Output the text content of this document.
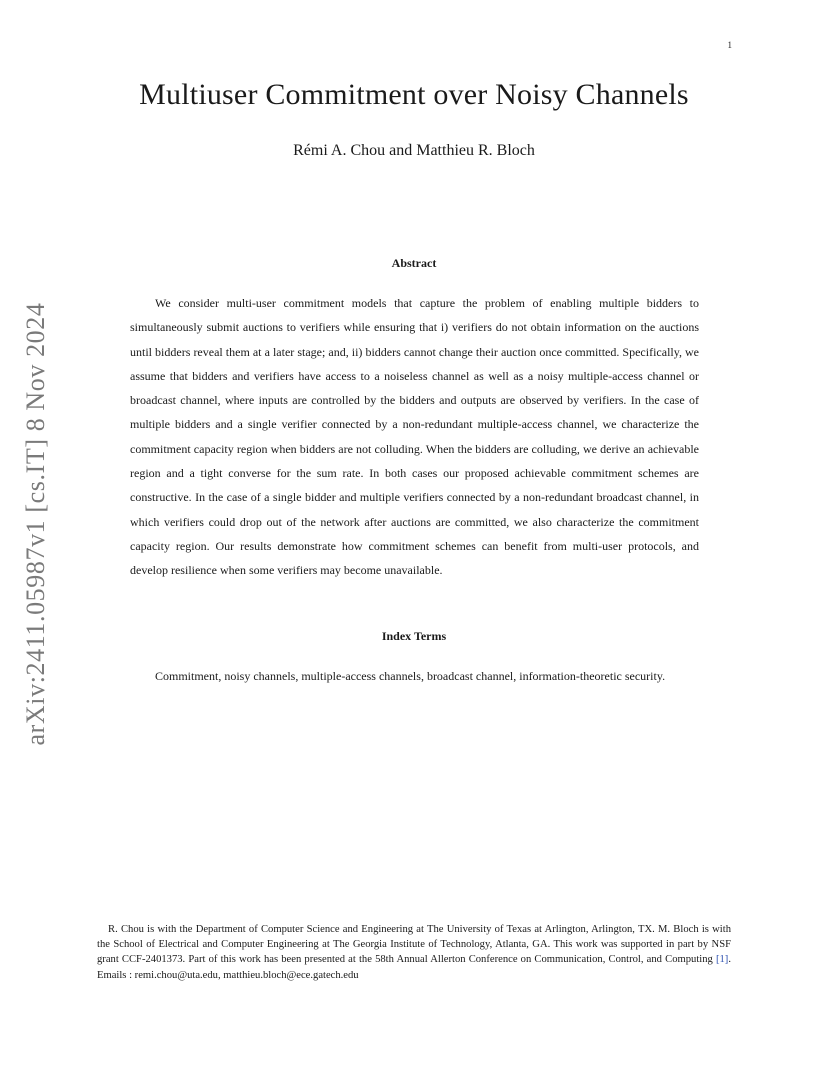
1
arXiv:2411.05987v1 [cs.IT] 8 Nov 2024
Multiuser Commitment over Noisy Channels
Rémi A. Chou and Matthieu R. Bloch
Abstract

We consider multi-user commitment models that capture the problem of enabling multiple bidders to simultaneously submit auctions to verifiers while ensuring that i) verifiers do not obtain information on the auctions until bidders reveal them at a later stage; and, ii) bidders cannot change their auction once committed. Specifically, we assume that bidders and verifiers have access to a noiseless channel as well as a noisy multiple-access channel or broadcast channel, where inputs are controlled by the bidders and outputs are observed by verifiers. In the case of multiple bidders and a single verifier connected by a non-redundant multiple-access channel, we characterize the commitment capacity region when bidders are not colluding. When the bidders are colluding, we derive an achievable region and a tight converse for the sum rate. In both cases our proposed achievable commitment schemes are constructive. In the case of a single bidder and multiple verifiers connected by a non-redundant broadcast channel, in which verifiers could drop out of the network after auctions are committed, we also characterize the commitment capacity region. Our results demonstrate how commitment schemes can benefit from multi-user protocols, and develop resilience when some verifiers may become unavailable.

Index Terms

Commitment, noisy channels, multiple-access channels, broadcast channel, information-theoretic security.

R. Chou is with the Department of Computer Science and Engineering at The University of Texas at Arlington, Arlington, TX. M. Bloch is with the School of Electrical and Computer Engineering at The Georgia Institute of Technology, Atlanta, GA. This work was supported in part by NSF grant CCF-2401373. Part of this work has been presented at the 58th Annual Allerton Conference on Communication, Control, and Computing [1]. Emails : remi.chou@uta.edu, matthieu.bloch@ece.gatech.edu
